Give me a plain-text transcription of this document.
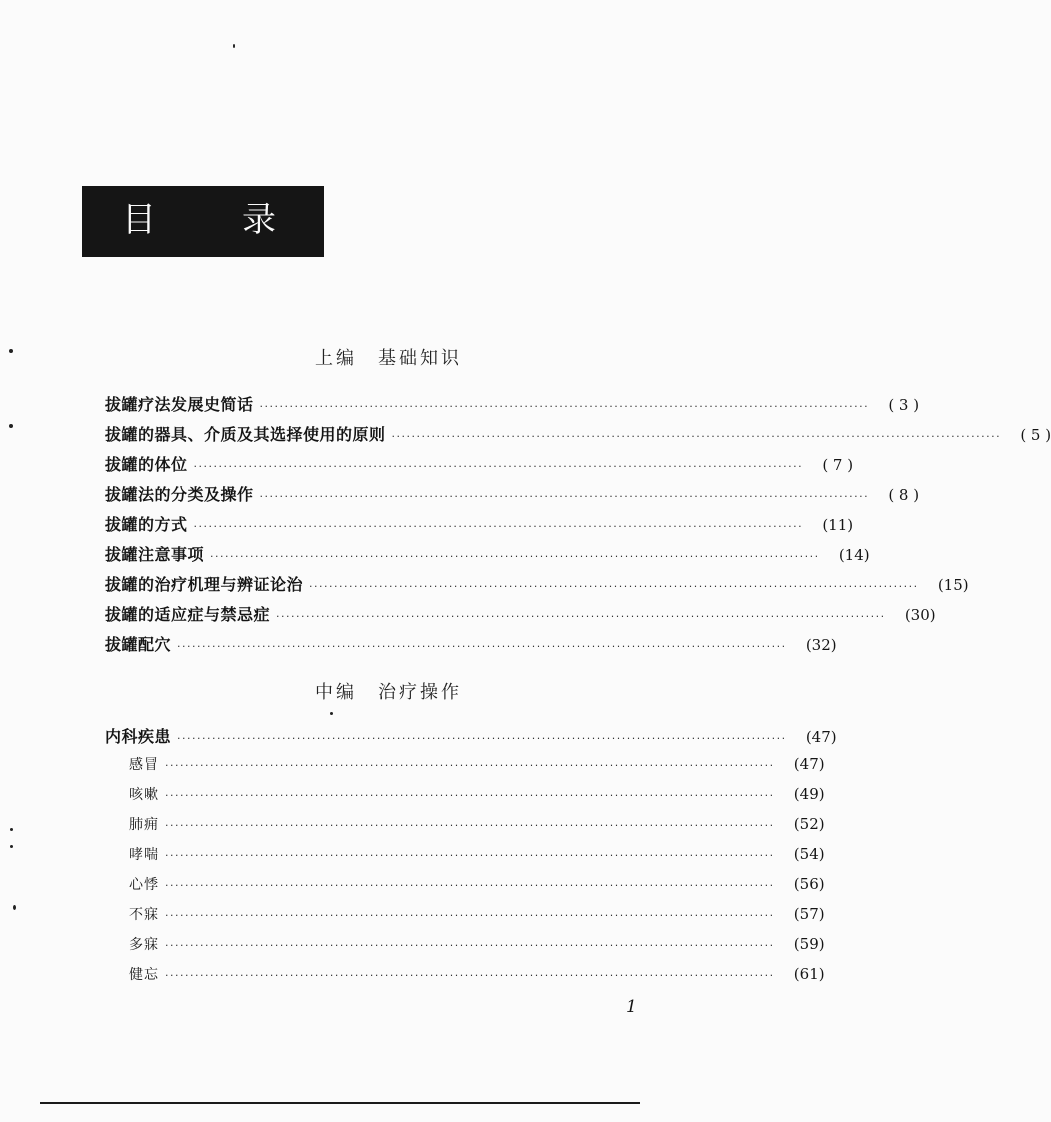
目	录
上编　基础知识
拔罐疗法发展史简话 ··························································································································	( 3 )
拔罐的器具、介质及其选择使用的原则 ··························································································································	( 5 )
拔罐的体位 ··························································································································	( 7 )
拔罐法的分类及操作 ··························································································································	( 8 )
拔罐的方式 ··························································································································	(11)
拔罐注意事项 ··························································································································	(14)
拔罐的治疗机理与辨证论治 ··························································································································	(15)
拔罐的适应症与禁忌症 ··························································································································	(30)
拔罐配穴 ··························································································································	(32)
中编　治疗操作
内科疾患 ··························································································································	(47)
感冒 ··························································································································	(47)
咳嗽 ··························································································································	(49)
肺痈 ··························································································································	(52)
哮喘 ··························································································································	(54)
心悸 ··························································································································	(56)
不寐 ··························································································································	(57)
多寐 ··························································································································	(59)
健忘 ··························································································································	(61)
1
